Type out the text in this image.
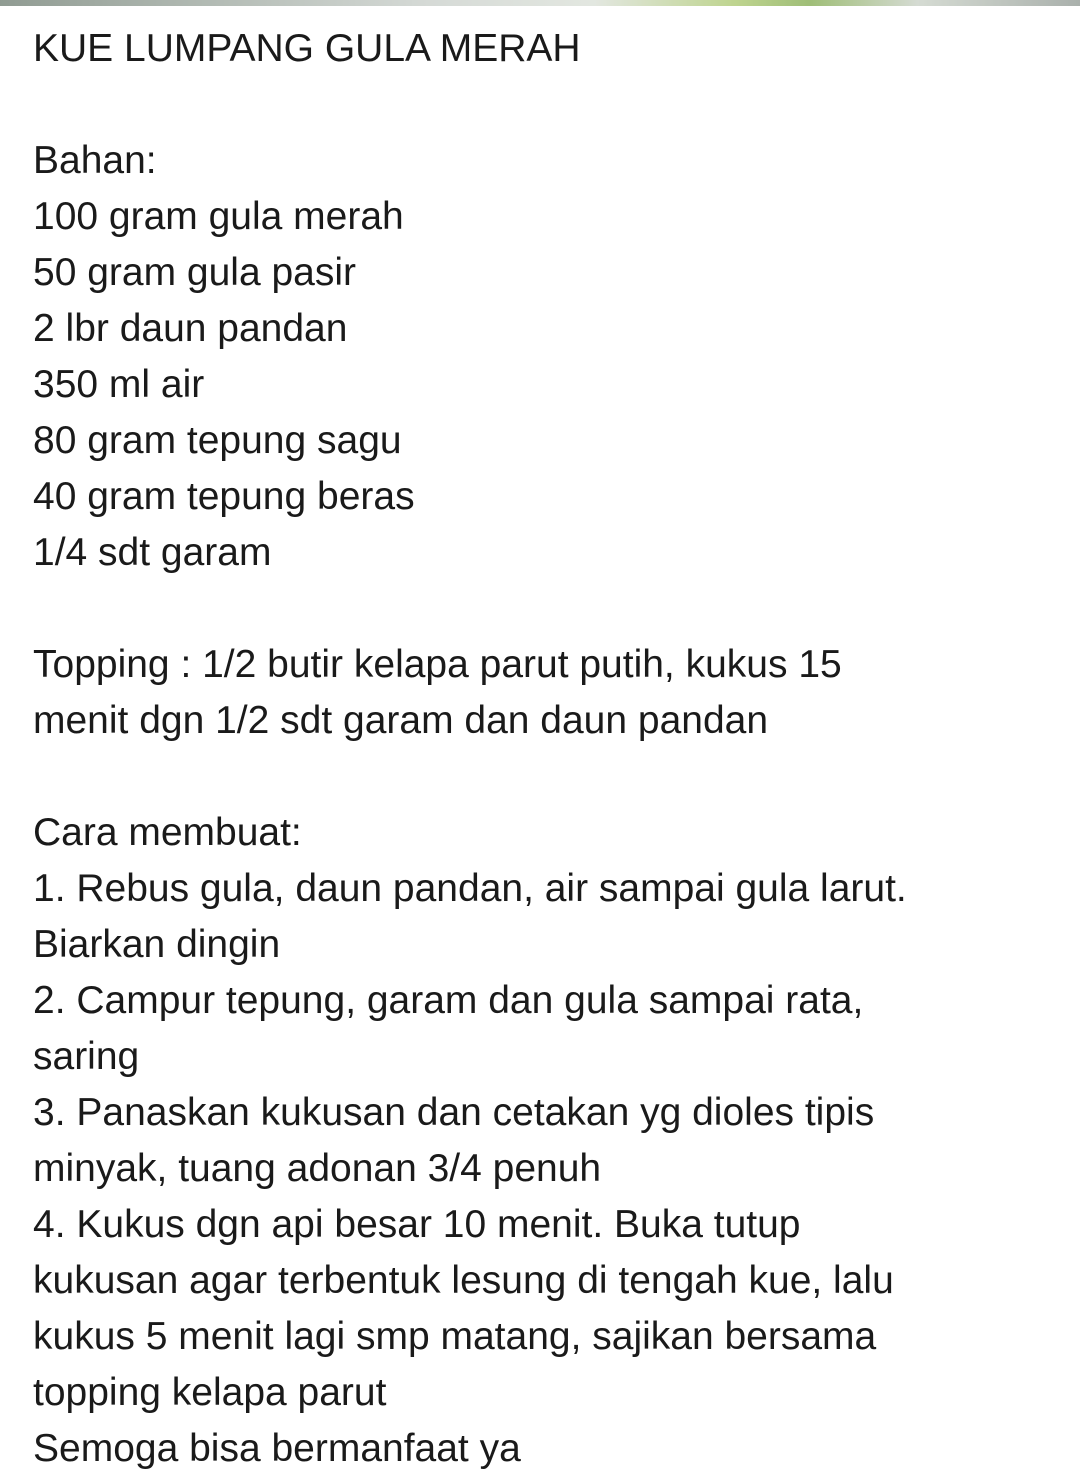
KUE LUMPANG GULA MERAH
Bahan:
100 gram gula merah
50 gram gula pasir
2 lbr daun pandan
350 ml air
80 gram tepung sagu
40 gram tepung beras
1/4 sdt garam
Topping : 1/2 butir kelapa parut putih, kukus 15
menit dgn 1/2 sdt garam dan daun pandan
Cara membuat:
1. Rebus gula, daun pandan, air sampai gula larut.
Biarkan dingin
2. Campur tepung, garam dan gula sampai rata,
saring
3. Panaskan kukusan dan cetakan yg dioles tipis
minyak, tuang adonan 3/4 penuh
4. Kukus dgn api besar 10 menit. Buka tutup
kukusan agar terbentuk lesung di tengah kue, lalu
kukus 5 menit lagi smp matang, sajikan bersama
topping kelapa parut
Semoga bisa bermanfaat ya
